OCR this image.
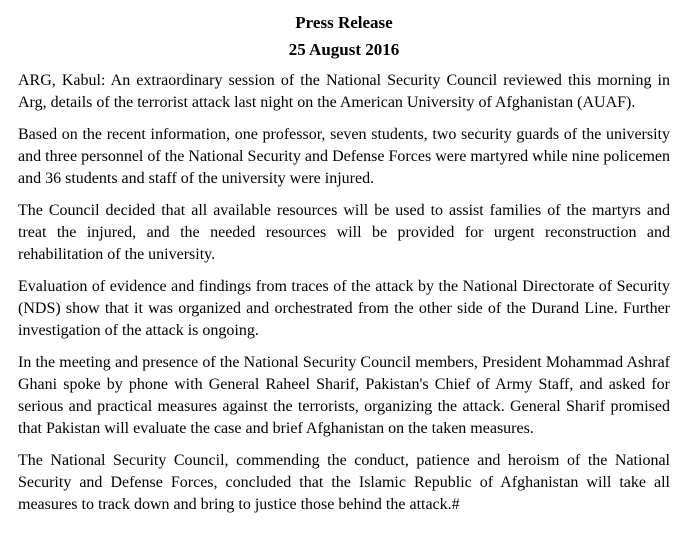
Press Release
25 August 2016

ARG, Kabul: An extraordinary session of the National Security Council reviewed this morning in Arg, details of the terrorist attack last night on the American University of Afghanistan (AUAF).

Based on the recent information, one professor, seven students, two security guards of the university and three personnel of the National Security and Defense Forces were martyred while nine policemen and 36 students and staff of the university were injured.

The Council decided that all available resources will be used to assist families of the martyrs and treat the injured, and the needed resources will be provided for urgent reconstruction and rehabilitation of the university.

Evaluation of evidence and findings from traces of the attack by the National Directorate of Security (NDS) show that it was organized and orchestrated from the other side of the Durand Line. Further investigation of the attack is ongoing.

In the meeting and presence of the National Security Council members, President Mohammad Ashraf Ghani spoke by phone with General Raheel Sharif, Pakistan's Chief of Army Staff, and asked for serious and practical measures against the terrorists, organizing the attack. General Sharif promised that Pakistan will evaluate the case and brief Afghanistan on the taken measures.

The National Security Council, commending the conduct, patience and heroism of the National Security and Defense Forces, concluded that the Islamic Republic of Afghanistan will take all measures to track down and bring to justice those behind the attack.#
